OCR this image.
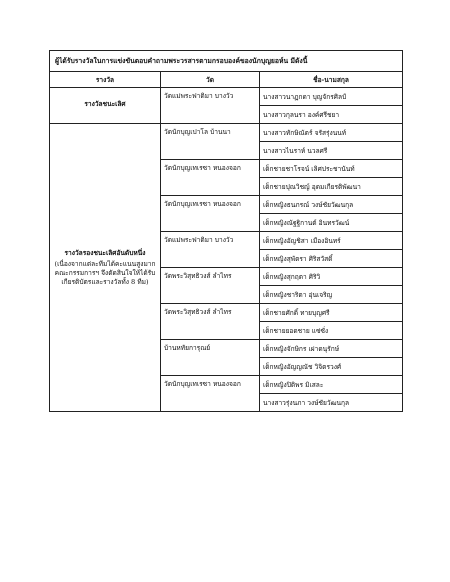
ผู้ได้รับรางวัลในการแข่งขันตอบคำถามพระวรสารตามกรอบองค์ของนักบุญยอห์น มีดังนี้		
รางวัล	วัด	ชื่อ-นามสกุล

รางวัลชนะเลิศ	วัดแม่พระฟาติมา บางวัว	นางสาวนาฏกดา บุญจักรศิลป์
		นางสาวกุลนรา องค์ศรีชยา

รางวัลรองชนะเลิศอันดับหนึ่ง
(เนื่องจากแต่ละทีมได้คะแนนสูงมาก คณะกรรมการฯ จึงตัดสินใจให้ได้รับเกียรติบัตรและรางวัลทั้ง 8 ทีม)	วัดนักบุญเปาโล บ้านนา	นางสาวทักษิณัตร์ จรัสรุ่งนนท์
		นางสาวไนราห์ นวลศรี
	วัดนักบุญเทเรซา หนองจอก	เด็กชายชาโรจน์ เลิศประชานันท์
		เด็กชายปุณวิชญ์ อุดมเกียรติพัฒนา
	วัดนักบุญเทเรซา หนองจอก	เด็กหญิงธนภรณ์ วงษ์ชัยวัฒนกุล
		เด็กหญิงณัฐฐิกานต์ อินทรวัฒน์
	วัดแม่พระฟาติมา บางวัว	เด็กหญิงอัญชิสา เมืองอินทร์
		เด็กหญิงสุพัตรา ศิริสวัสดิ์
	วัดพระวิสุทธิวงส์ ลำไทร	เด็กหญิงสุกฤตา ศิริวิ
		เด็กหญิงชาริตา อุ่นเจริญ
	วัดพระวิสุทธิวงส์ ลำไทร	เด็กชายศักดิ์ ทายบุญศรี
		เด็กชายยอดชาย แซ่ซั่ง
	บ้านหทัยการุณย์	เด็กหญิงจักษิกร เผ่าดนุรักษ์
		เด็กหญิงอัญญณัช วิจิตรวงศ์
	วัดนักบุญเทเรซา หนองจอก	เด็กหญิงปิติพร มิเสละ
		นางสาวรุ่งนภา วงษ์ชัยวัฒนกุล
